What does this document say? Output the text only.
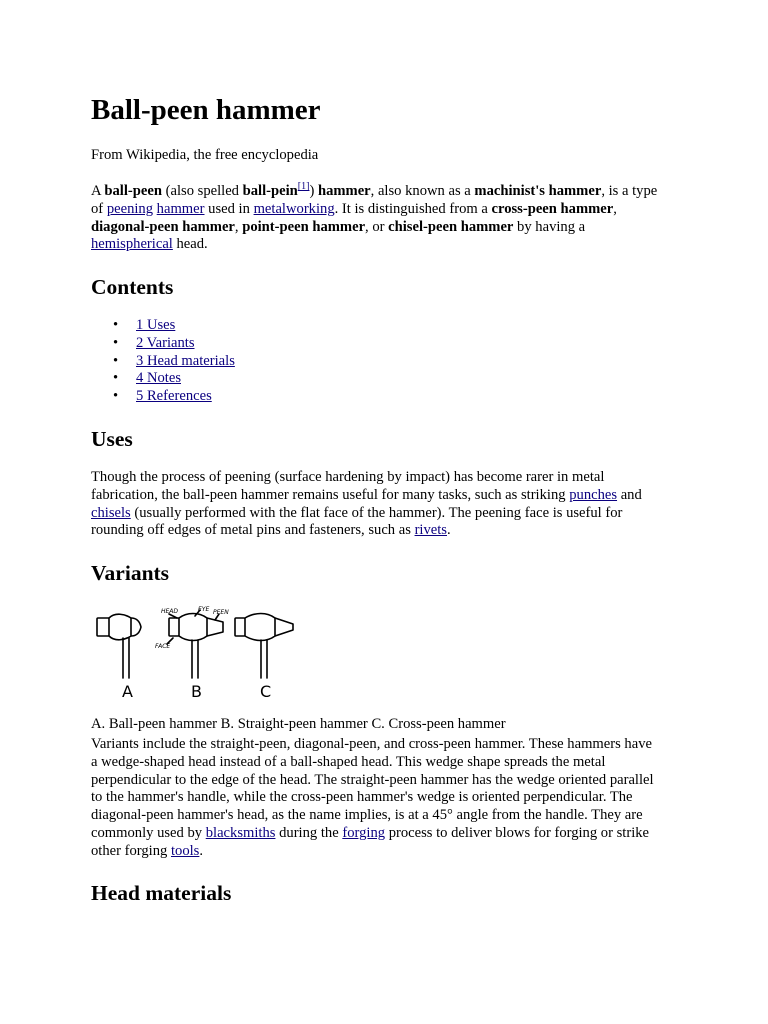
Ball-peen hammer

From Wikipedia, the free encyclopedia

A ball-peen (also spelled ball-pein[1]) hammer, also known as a machinist's hammer, is a type
of peening hammer used in metalworking. It is distinguished from a cross-peen hammer,
diagonal-peen hammer, point-peen hammer, or chisel-peen hammer by having a
hemispherical head.
Contents
• 1 Uses
• 2 Variants
• 3 Head materials
• 4 Notes
• 5 References
Uses
Though the process of peening (surface hardening by impact) has become rarer in metal
fabrication, the ball-peen hammer remains useful for many tasks, such as striking punches and
chisels (usually performed with the flat face of the hammer). The peening face is useful for
rounding off edges of metal pins and fasteners, such as rivets.
Variants
HEAD	EYE PEEN
FACE
A	B	C

A. Ball-peen hammer B. Straight-peen hammer C. Cross-peen hammer

Variants include the straight-peen, diagonal-peen, and cross-peen hammer. These hammers have
a wedge-shaped head instead of a ball-shaped head. This wedge shape spreads the metal
perpendicular to the edge of the head. The straight-peen hammer has the wedge oriented parallel
to the hammer's handle, while the cross-peen hammer's wedge is oriented perpendicular. The
diagonal-peen hammer's head, as the name implies, is at a 45° angle from the handle. They are
commonly used by blacksmiths during the forging process to deliver blows for forging or strike
other forging tools.
Head materials
